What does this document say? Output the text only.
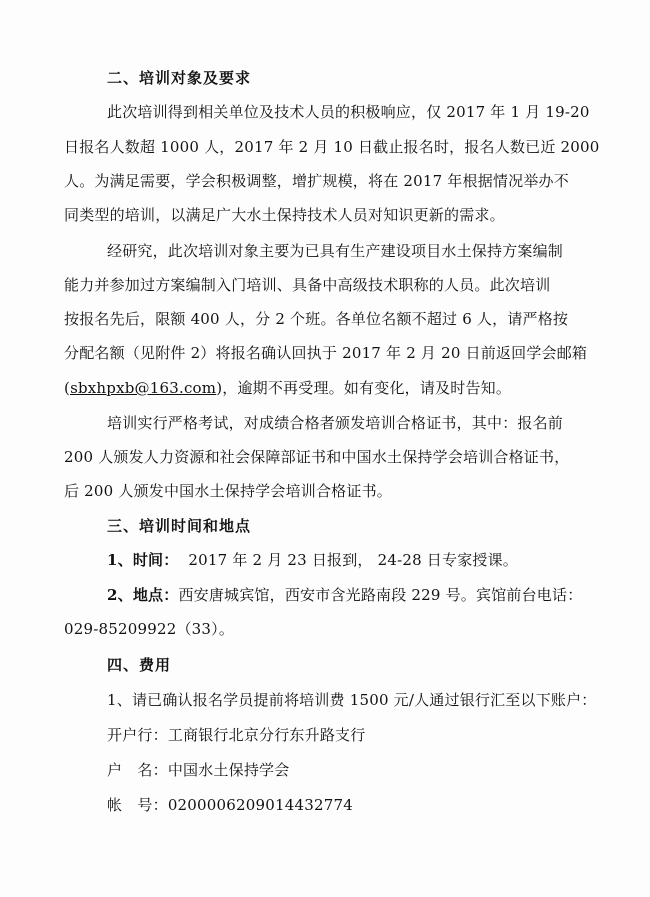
二、培训对象及要求
此次培训得到相关单位及技术人员的积极响应，仅 2017 年 1 月 19-20
日报名人数超 1000 人，2017 年 2 月 10 日截止报名时，报名人数已近 2000
人。为满足需要，学会积极调整，增扩规模，将在 2017 年根据情况举办不
同类型的培训，以满足广大水土保持技术人员对知识更新的需求。
经研究，此次培训对象主要为已具有生产建设项目水土保持方案编制
能力并参加过方案编制入门培训、具备中高级技术职称的人员。此次培训
按报名先后，限额 400 人，分 2 个班。各单位名额不超过 6 人，请严格按
分配名额（见附件 2）将报名确认回执于 2017 年 2 月 20 日前返回学会邮箱
(sbxhpxb@163.com)，逾期不再受理。如有变化，请及时告知。
培训实行严格考试，对成绩合格者颁发培训合格证书，其中：报名前
200 人颁发人力资源和社会保障部证书和中国水土保持学会培训合格证书，
后 200 人颁发中国水土保持学会培训合格证书。
三、培训时间和地点
1、时间： 2017 年 2 月 23 日报到， 24-28 日专家授课。
2、地点：西安唐城宾馆，西安市含光路南段 229 号。宾馆前台电话：
029-85209922（33）。
四、费用
1、请已确认报名学员提前将培训费 1500 元/人通过银行汇至以下账户：
开户行：工商银行北京分行东升路支行
户　名：中国水土保持学会
帐　号：0200006209014432774
